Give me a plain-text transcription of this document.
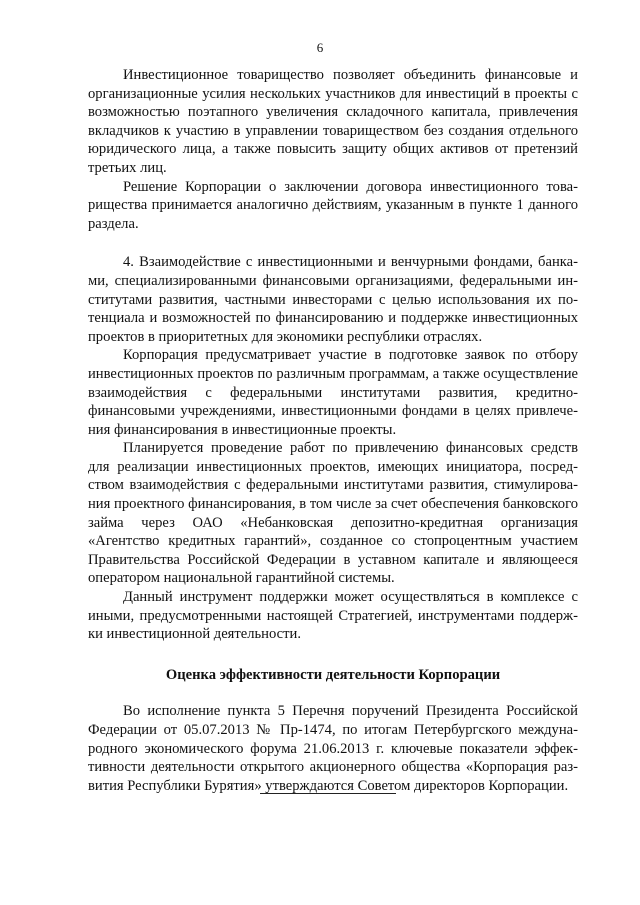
6

Инвестиционное товарищество позволяет объединить финансовые и организационные усилия нескольких участников для инвестиций в проекты с возможностью поэтапного увеличения складочного капитала, привлечения вкладчиков к участию в управлении товариществом без создания отдельного юридического лица, а также повысить защиту общих активов от претензий третьих лиц.

Решение Корпорации о заключении договора инвестиционного товарищества принимается аналогично действиям, указанным в пункте 1 данного раздела.

4. Взаимодействие с инвестиционными и венчурными фондами, банками, специализированными финансовыми организациями, федеральными институтами развития, частными инвесторами с целью использования их потенциала и возможностей по финансированию и поддержке инвестиционных проектов в приоритетных для экономики республики отраслях.

Корпорация предусматривает участие в подготовке заявок по отбору инвестиционных проектов по различным программам, а также осуществление взаимодействия с федеральными институтами развития, кредитно-финансовыми учреждениями, инвестиционными фондами в целях привлечения финансирования в инвестиционные проекты.

Планируется проведение работ по привлечению финансовых средств для реализации инвестиционных проектов, имеющих инициатора, посредством взаимодействия с федеральными институтами развития, стимулирования проектного финансирования, в том числе за счет обеспечения банковского займа через ОАО «Небанковская депозитно-кредитная организация «Агентство кредитных гарантий», созданное со стопроцентным участием Правительства Российской Федерации в уставном капитале и являющееся оператором национальной гарантийной системы.

Данный инструмент поддержки может осуществляться в комплексе с иными, предусмотренными настоящей Стратегией, инструментами поддержки инвестиционной деятельности.

Оценка эффективности деятельности Корпорации

Во исполнение пункта 5 Перечня поручений Президента Российской Федерации от 05.07.2013 № Пр-1474, по итогам Петербургского международного экономического форума 21.06.2013 г. ключевые показатели эффективности деятельности открытого акционерного общества «Корпорация развития Республики Бурятия» утверждаются Советом директоров Корпорации.
